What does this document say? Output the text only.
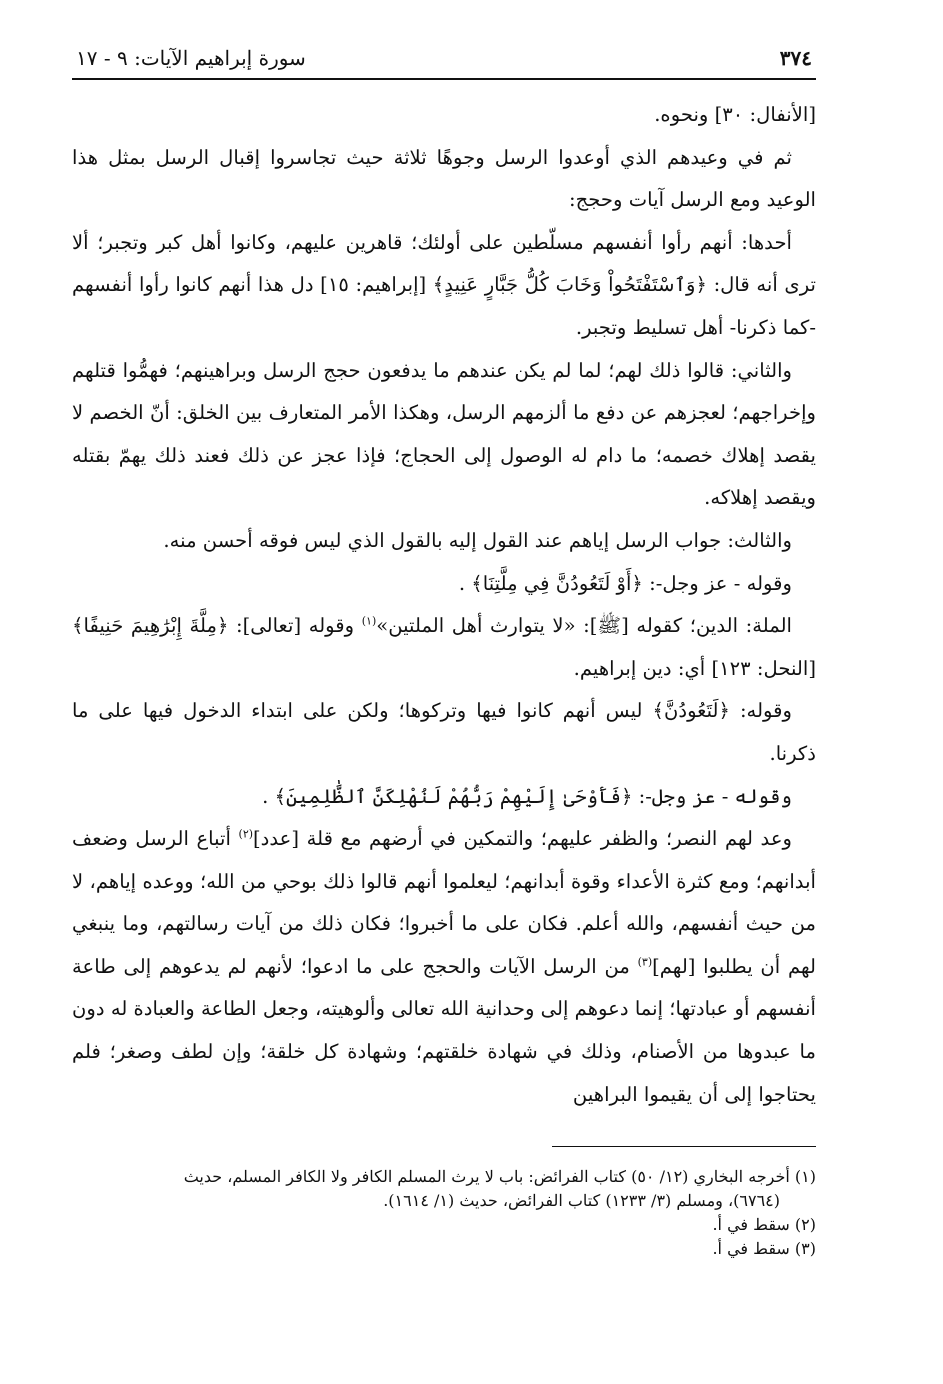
٣٧٤
سورة إبراهيم الآيات: ٩ - ١٧

[الأنفال: ٣٠] ونحوه.

ثم في وعيدهم الذي أوعدوا الرسل وجوهًا ثلاثة حيث تجاسروا إقبال الرسل بمثل هذا الوعيد ومع الرسل آيات وحجج:

أحدها: أنهم رأوا أنفسهم مسلّطين على أولئك؛ قاهرين عليهم، وكانوا أهل كبر وتجبر؛ ألا ترى أنه قال: ﴿وَٱسْتَفْتَحُواْ وَخَابَ كُلُّ جَبَّارٍ عَنِيدٍ﴾ [إبراهيم: ١٥] دل هذا أنهم كانوا رأوا أنفسهم -كما ذكرنا- أهل تسليط وتجبر.

والثاني: قالوا ذلك لهم؛ لما لم يكن عندهم ما يدفعون حجج الرسل وبراهينهم؛ فهمُّوا قتلهم وإخراجهم؛ لعجزهم عن دفع ما ألزمهم الرسل، وهكذا الأمر المتعارف بين الخلق: أنّ الخصم لا يقصد إهلاك خصمه؛ ما دام له الوصول إلى الحجاج؛ فإذا عجز عن ذلك فعند ذلك يهمّ بقتله ويقصد إهلاكه.

والثالث: جواب الرسل إياهم عند القول إليه بالقول الذي ليس فوقه أحسن منه.

وقوله - عز وجل-: ﴿أَوْ لَتَعُودُنَّ فِي مِلَّتِنَا﴾ .

الملة: الدين؛ كقوله [ﷺ]: «لا يتوارث أهل الملتين»$^{(١)}$ وقوله [تعالى]: ﴿مِلَّةَ إِبْرَٰهِيمَ حَنِيفًا﴾ [النحل: ١٢٣] أي: دين إبراهيم.

وقوله: ﴿لَتَعُودُنَّ﴾ ليس أنهم كانوا فيها وتركوها؛ ولكن على ابتداء الدخول فيها على ما ذكرنا.

وقوله - عز وجل-: ﴿فَأَوْحَىٰ إِلَيْهِمْ رَبُّهُمْ لَنُهْلِكَنَّ ٱلظَّٰلِمِينَ﴾ .

وعد لهم النصر؛ والظفر عليهم؛ والتمكين في أرضهم مع قلة [عدد]$^{(٢)}$ أتباع الرسل وضعف أبدانهم؛ ومع كثرة الأعداء وقوة أبدانهم؛ ليعلموا أنهم قالوا ذلك بوحي من الله؛ ووعده إياهم، لا من حيث أنفسهم، والله أعلم. فكان على ما أخبروا؛ فكان ذلك من آيات رسالتهم، وما ينبغي لهم أن يطلبوا [لهم]$^{(٣)}$ من الرسل الآيات والحجج على ما ادعوا؛ لأنهم لم يدعوهم إلى طاعة أنفسهم أو عبادتها؛ إنما دعوهم إلى وحدانية الله تعالى وألوهيته، وجعل الطاعة والعبادة له دون ما عبدوها من الأصنام، وذلك في شهادة خلقتهم؛ وشهادة كل خلقة؛ وإن لطف وصغر؛ فلم يحتاجوا إلى أن يقيموا البراهين

(١) أخرجه البخاري (١٢/ ٥٠) كتاب الفرائض: باب لا يرث المسلم الكافر ولا الكافر المسلم، حديث

(٦٧٦٤)، ومسلم (٣/ ١٢٣٣) كتاب الفرائض، حديث (١/ ١٦١٤).

(٢) سقط في أ.

(٣) سقط في أ.
